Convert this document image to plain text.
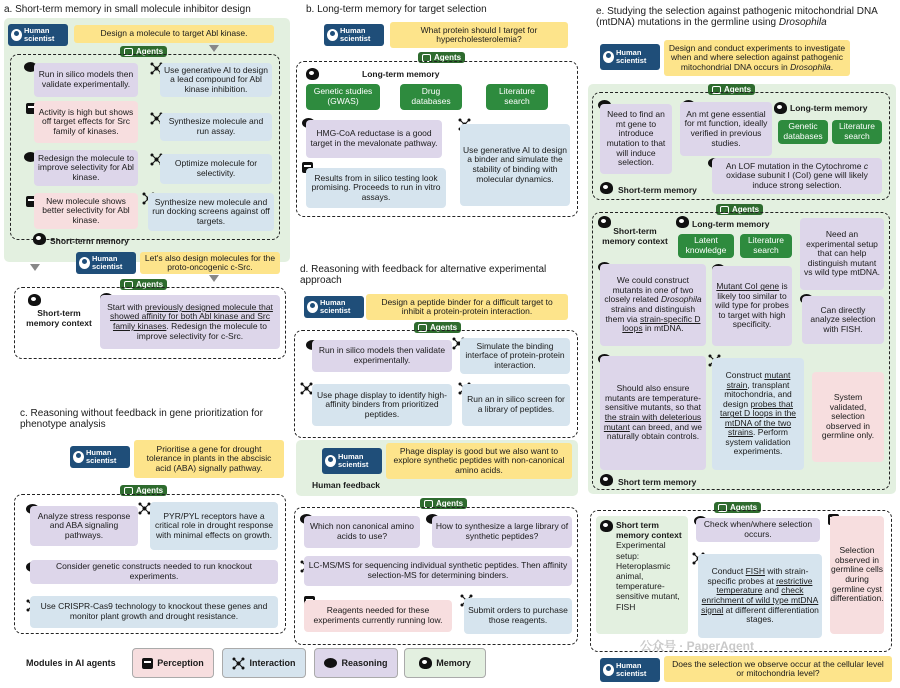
a. Short-term memory in small molecule inhibitor design
Human
scientist
Design a molecule to target Abl kinase.
Agents
Run in silico models then validate experimentally.
Use generative AI to design a lead compound for Abl kinase inhibition.
Activity is high but shows off target effects for Src family of kinases.
Synthesize molecule and run assay.
Redesign the molecule to improve selectivity for Abl kinase.
Optimize molecule for selectivity.
New molecule shows better selectivity for Abl kinase.
Synthesize new molecule and run docking screens against off targets.
Short-term memory
Human
scientist
Let's also design molecules for the proto-oncogenic c-Src.
Agents
Short-term memory context
Start with previously designed molecule that showed affinity for both Abl kinase and Src family kinases. Redesign the molecule to improve selectivity for c-Src.
b. Long-term memory for target selection
Human
scientist
What protein should I target for hypercholesterolemia?
Agents
Long-term memory
Genetic studies (GWAS)
Drug databases
Literature search
HMG-CoA reductase is a good target in the mevalonate pathway.
Use generative AI to design a binder and simulate the stability of binding with molecular dynamics.
Results from in silico testing look promising. Proceeds to run in vitro assays.
c. Reasoning without feedback in gene prioritization for phenotype analysis
Human
scientist
Prioritise a gene for drought tolerance in plants in the abscisic acid (ABA) signally pathway.
Agents
Analyze stress response and ABA signaling pathways.
PYR/PYL receptors have a critical role in drought response with minimal effects on growth.
Consider genetic constructs needed to run knockout experiments.
Use CRISPR-Cas9 technology to knockout these genes and monitor plant growth and drought resistance.
Modules in AI agents	Perception	Interaction	Reasoning	Memory
d. Reasoning with feedback for alternative experimental approach
Human
scientist
Design a peptide binder for a difficult target to inhibit a protein-protein interaction.
Agents
Run in silico models then validate experimentally.
Simulate the binding interface of protein-protein interaction.
Use phage display to identify high-affinity binders from prioritized peptides.
Run an in silico screen for a library of peptides.
Human
scientist
Phage display is good but we also want to explore synthetic peptides with non-canonical amino acids.
Human feedback
Agents
Which non canonical amino acids to use?
How to synthesize a large library of synthetic peptides?
LC-MS/MS for sequencing individual synthetic peptides. Then affinity selection-MS for determining binders.
Reagents needed for these experiments currently running low.
Submit orders to purchase those reagents.
e. Studying the selection against pathogenic mitochondrial DNA (mtDNA) mutations in the germline using Drosophila
Human
scientist
Design and conduct experiments to investigate when and where selection against pathogenic mitochondrial DNA occurs in Drosophila.
Agents
Need to find an mt gene to introduce mutation to that will induce selection.
An mt gene essential for mt function, ideally verified in previous studies.
Long-term memory
Genetic databases
Literature search
An LOF mutation in the Cytochrome c oxidase subunit I (CoI) gene will likely induce strong selection.
Short-term memory
Agents
Short-term memory context
Long-term memory
Latent knowledge
Literature search
Need an experimental setup that can help distinguish mutant vs wild type mtDNA.
We could construct mutants in one of two closely related Drosophila strains and distinguish them via strain-specific D loops in mtDNA.
Mutant CoI gene is likely too similar to wild type for probes to target with high specificity.
Can directly analyze selection with FISH.
Should also ensure mutants are temperature-sensitive mutants, so that the strain with deleterious mutant can breed, and we naturally obtain controls.
Construct mutant strain, transplant mitochondria, and design probes that target D loops in the mtDNA of the two strains. Perform system validation experiments.
System validated, selection observed in germline only.
Short term memory
Agents
Short term memory context
Experimental setup: Heteroplasmic animal, temperature-sensitive mutant, FISH
Check when/where selection occurs.
Conduct FISH with strain-specific probes at restrictive temperature and check enrichment of wild type mtDNA signal at different differentiation stages.
Selection observed in germline cells during germline cyst differentiation.
公众号 · PaperAgent
Human
scientist
Does the selection we observe occur at the cellular level or mitochondria level?
